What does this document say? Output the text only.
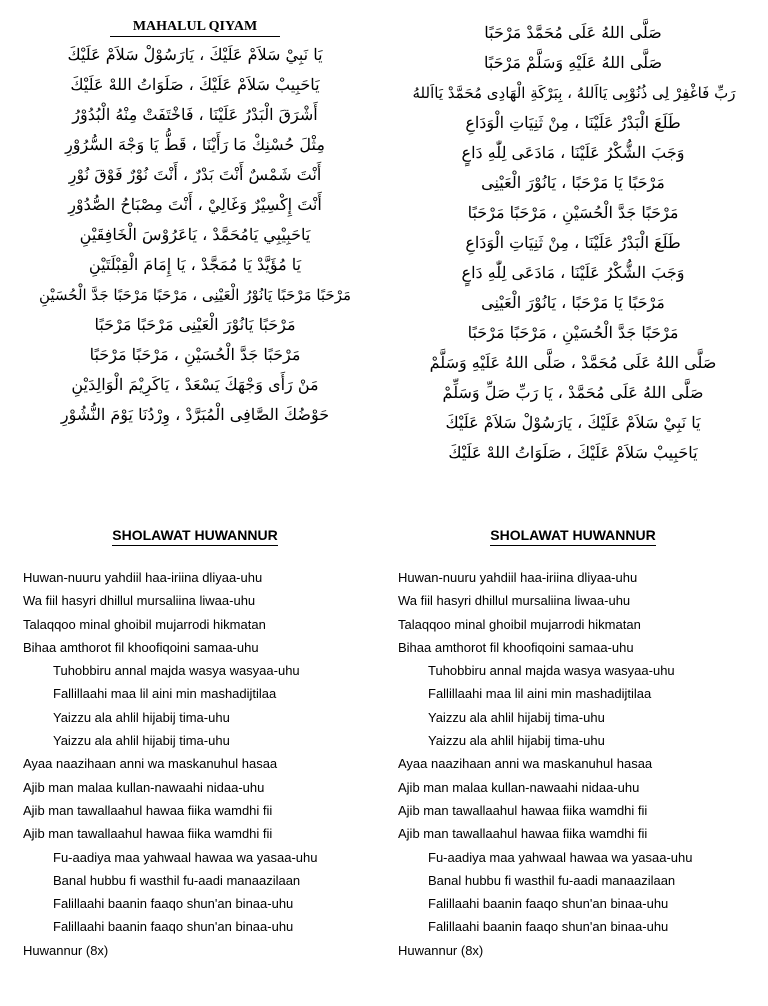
MAHALUL QIYAM
يَا نَبِيْ سَلاَمْ عَلَيْكَ ، يَارَسُوْلْ سَلاَمْ عَلَيْكَ
يَاحَبِيبْ سَلاَمْ عَلَيْكَ ، صَلَوَاتُ اللهْ عَلَيْكَ
أَشْرَقَ الْبَدْرُ عَلَيْنَا ، فَاخْتَفَتْ مِنْهُ الْبُدُوْرُ
مِثْلَ حُسْنِكْ مَا رَأَيْنَا ، قَطُّ يَا وَجْهَ السُّرُوْرِ
أَنْتَ شَمْسٌ أَنْتَ بَدْرٌ ، أَنْتَ نُوْرٌ فَوْقَ نُوْرِ
أَنْتَ إِكْسِيْرٌ وَغَالِيْ ، أَنْتَ مِصْبَاحُ الصُّدُوْرِ
يَاحَبِيْبِي يَامُحَمَّدْ ، يَاعَرُوْسَ الْخَافِقَيْنِ
يَا مُؤَيَّدْ يَا مُمَجَّدْ ، يَا إِمَامَ الْقِبْلَتَيْنِ
مَرْحَبًا مَرْحَبًا يَانُوْرُ الْعَيْنِى ، مَرْحَبًا مَرْحَبًا جَدَّ الْحُسَيْنِ
مَرْحَبًا يَانُوْرَ الْعَيْنِى مَرْحَبًا مَرْحَبًا
مَرْحَبًا جَدَّ الْحُسَيْنِ ، مَرْحَبًا مَرْحَبًا
مَنْ رَأَى وَجْهَكَ يَسْعَدْ ، يَاكَرِيْمَ الْوَالِدَيْنِ
حَوْضُكَ الصَّافِى الْمُبَرَّدْ ، وِرْدُنَا يَوْمَ النُّشُوْرِ
صَلَّى اللهُ عَلَى مُحَمَّدْ مَرْحَبًا
صَلَّى اللهُ عَلَيْهِ وَسَلَّمْ مَرْحَبًا
رَبِّ فَاغْفِرْ لِى ذُنُوْبِى يَااَللهُ ، بِبَرْكَةِ الْهَادِى مُحَمَّدْ يَااَللهُ
طَلَعَ الْبَدْرُ عَلَيْنَا ، مِنْ ثَنِيَاتِ الْوَدَاعِ
وَجَبَ الشُّكْرُ عَلَيْنَا ، مَادَعَى لِلّٰهِ دَاعٍ
مَرْحَبًا يَا مَرْحَبًا ، يَانُوْرَ الْعَيْنِى
مَرْحَبًا جَدَّ الْحُسَيْنِ ، مَرْحَبًا مَرْحَبًا
طَلَعَ الْبَدْرُ عَلَيْنَا ، مِنْ ثَنِيَاتِ الْوَدَاعِ
وَجَبَ الشُّكْرُ عَلَيْنَا ، مَادَعَى لِلّٰهِ دَاعٍ
مَرْحَبًا يَا مَرْحَبًا ، يَانُوْرَ الْعَيْنِى
مَرْحَبًا جَدَّ الْحُسَيْنِ ، مَرْحَبًا مَرْحَبًا
صَلَّى اللهُ عَلَى مُحَمَّدْ ، صَلَّى اللهُ عَلَيْهِ وَسَلَّمْ
صَلَّى اللهُ عَلَى مُحَمَّدْ ، يَا رَبِّ صَلِّ وَسَلِّمْ
يَا نَبِيْ سَلاَمْ عَلَيْكَ ، يَارَسُوْلْ سَلاَمْ عَلَيْكَ
يَاحَبِيبْ سَلاَمْ عَلَيْكَ ، صَلَوَاتُ اللهْ عَلَيْكَ
SHOLAWAT HUWANNUR	SHOLAWAT HUWANNUR
Huwan-nuuru yahdiil haa-iriina dliyaa-uhu
Wa fiil hasyri dhillul mursaliina liwaa-uhu
Talaqqoo minal ghoibil mujarrodi hikmatan
Bihaa amthorot fil khoofiqoini samaa-uhu
Tuhobbiru annal majda wasya wasyaa-uhu
Fallillaahi maa lil aini min mashadijtilaa
Yaizzu ala ahlil hijabij tima-uhu
Yaizzu ala ahlil hijabij tima-uhu
Ayaa naazihaan anni wa maskanuhul hasaa
Ajib man malaa kullan-nawaahi nidaa-uhu
Ajib man tawallaahul hawaa fiika wamdhi fii
Ajib man tawallaahul hawaa fiika wamdhi fii
Fu-aadiya maa yahwaal hawaa wa yasaa-uhu
Banal hubbu fi wasthil fu-aadi manaazilaan
Falillaahi baanin faaqo shun'an binaa-uhu
Falillaahi baanin faaqo shun'an binaa-uhu
Huwannur (8x)
Huwan-nuuru yahdiil haa-iriina dliyaa-uhu
Wa fiil hasyri dhillul mursaliina liwaa-uhu
Talaqqoo minal ghoibil mujarrodi hikmatan
Bihaa amthorot fil khoofiqoini samaa-uhu
Tuhobbiru annal majda wasya wasyaa-uhu
Fallillaahi maa lil aini min mashadijtilaa
Yaizzu ala ahlil hijabij tima-uhu
Yaizzu ala ahlil hijabij tima-uhu
Ayaa naazihaan anni wa maskanuhul hasaa
Ajib man malaa kullan-nawaahi nidaa-uhu
Ajib man tawallaahul hawaa fiika wamdhi fii
Ajib man tawallaahul hawaa fiika wamdhi fii
Fu-aadiya maa yahwaal hawaa wa yasaa-uhu
Banal hubbu fi wasthil fu-aadi manaazilaan
Falillaahi baanin faaqo shun'an binaa-uhu
Falillaahi baanin faaqo shun'an binaa-uhu
Huwannur (8x)
